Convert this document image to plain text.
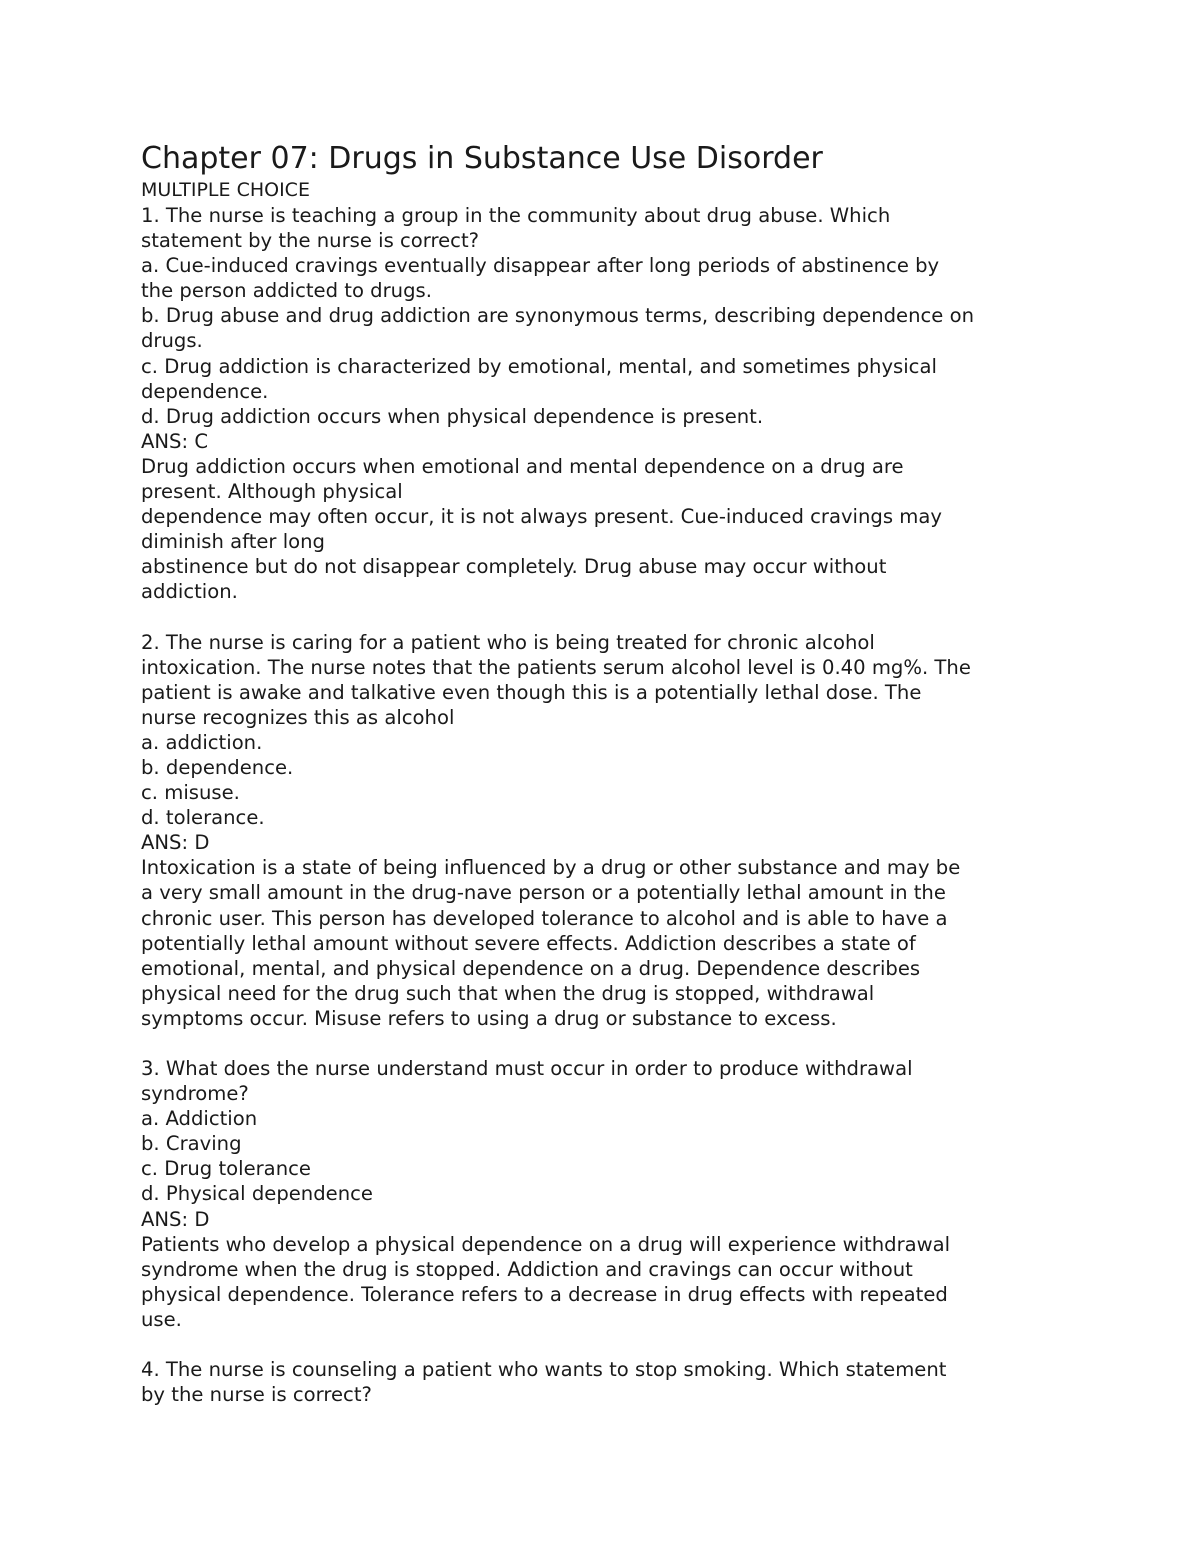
Chapter 07: Drugs in Substance Use Disorder

MULTIPLE CHOICE

1. The nurse is teaching a group in the community about drug abuse. Which

statement by the nurse is correct?

a. Cue-induced cravings eventually disappear after long periods of abstinence by

the person addicted to drugs.

b. Drug abuse and drug addiction are synonymous terms, describing dependence on

drugs.

c. Drug addiction is characterized by emotional, mental, and sometimes physical

dependence.

d. Drug addiction occurs when physical dependence is present.

ANS: C

Drug addiction occurs when emotional and mental dependence on a drug are

present. Although physical

dependence may often occur, it is not always present. Cue-induced cravings may

diminish after long

abstinence but do not disappear completely. Drug abuse may occur without

addiction.

2. The nurse is caring for a patient who is being treated for chronic alcohol

intoxication. The nurse notes that the patients serum alcohol level is 0.40 mg%. The

patient is awake and talkative even though this is a potentially lethal dose. The

nurse recognizes this as alcohol

a. addiction.

b. dependence.

c. misuse.

d. tolerance.

ANS: D

Intoxication is a state of being influenced by a drug or other substance and may be

a very small amount in the drug-nave person or a potentially lethal amount in the

chronic user. This person has developed tolerance to alcohol and is able to have a

potentially lethal amount without severe effects. Addiction describes a state of

emotional, mental, and physical dependence on a drug. Dependence describes

physical need for the drug such that when the drug is stopped, withdrawal

symptoms occur. Misuse refers to using a drug or substance to excess.

3. What does the nurse understand must occur in order to produce withdrawal

syndrome?

a. Addiction

b. Craving

c. Drug tolerance

d. Physical dependence

ANS: D

Patients who develop a physical dependence on a drug will experience withdrawal

syndrome when the drug is stopped. Addiction and cravings can occur without

physical dependence. Tolerance refers to a decrease in drug effects with repeated

use.

4. The nurse is counseling a patient who wants to stop smoking. Which statement

by the nurse is correct?
